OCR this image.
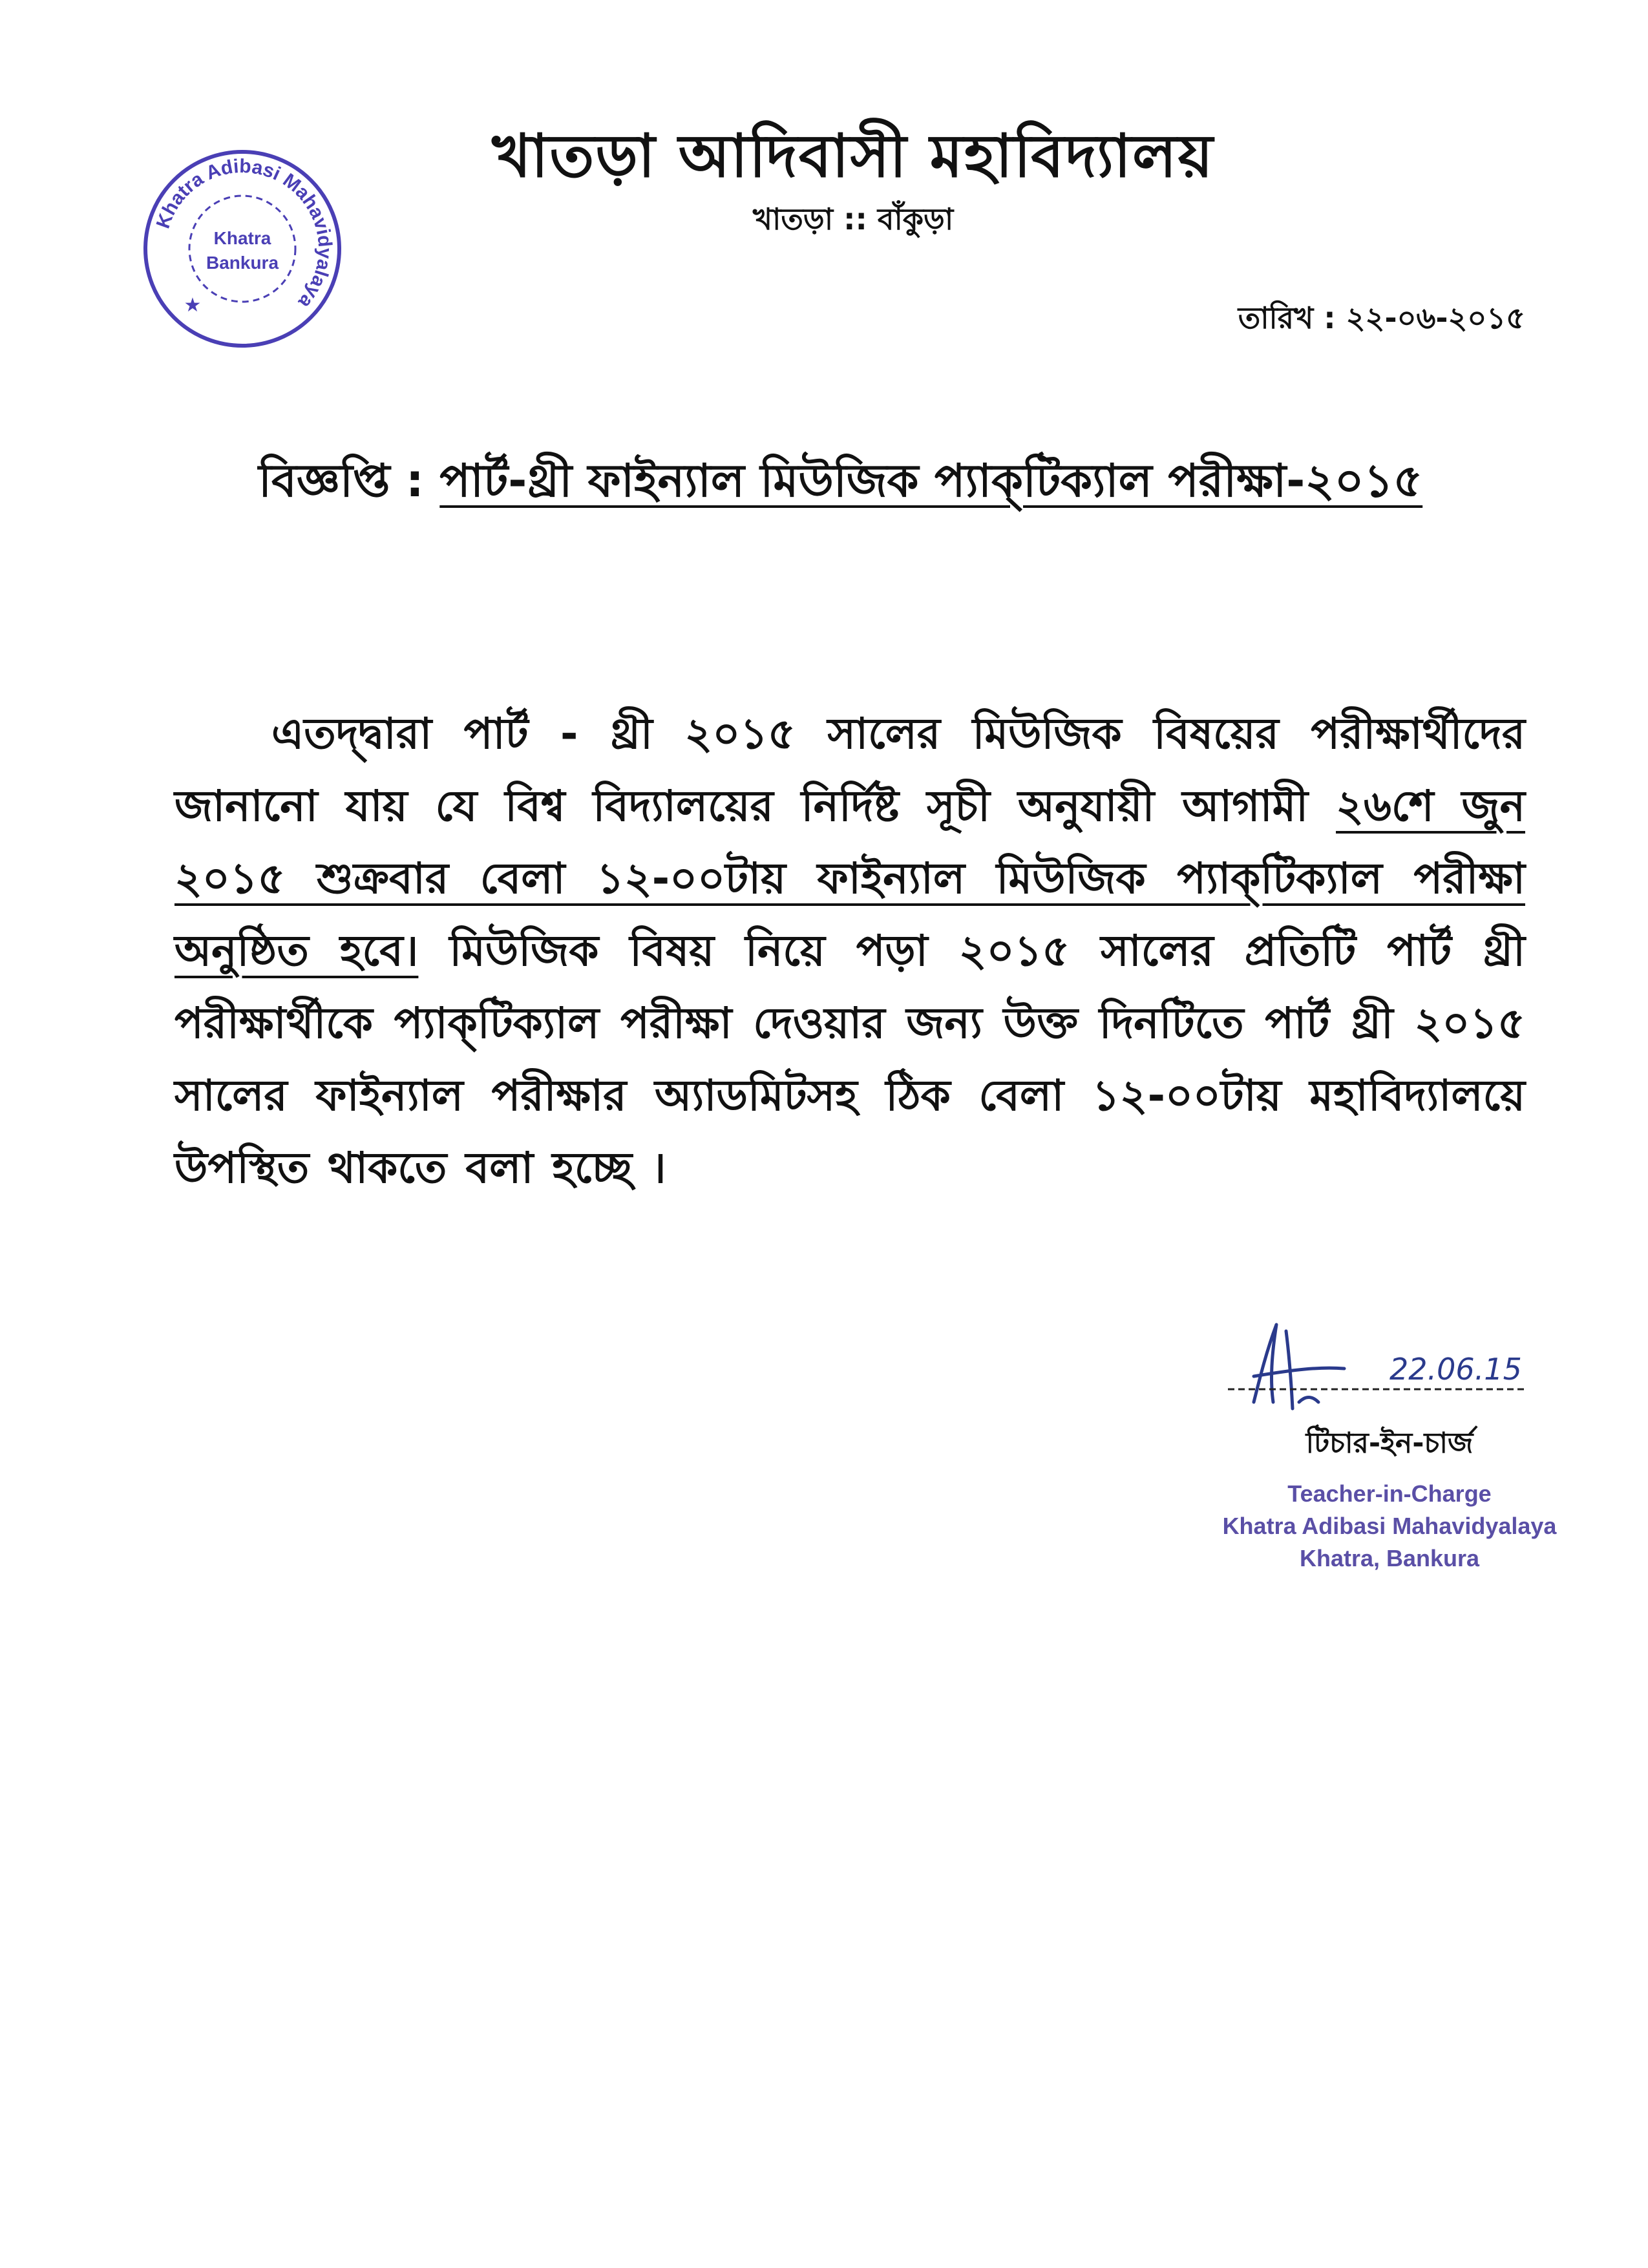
খাতড়া আদিবাসী মহাবিদ্যালয়
খাতড়া :: বাঁকুড়া
Khatra Adibasi Mahavidyalaya
Khatra
Bankura
★	তারিখ : ২২-০৬-২০১৫
বিজ্ঞপ্তি : পার্ট-থ্রী ফাইন্যাল মিউজিক প্যাক্‌টিক্যাল পরীক্ষা-২০১৫
এতদ্দ্বারা পার্ট - থ্রী ২০১৫ সালের মিউজিক বিষয়ের পরীক্ষার্থীদের জানানো যায় যে বিশ্ব বিদ্যালয়ের নির্দিষ্ট সূচী অনুযায়ী আগামী ২৬শে জুন ২০১৫ শুক্রবার বেলা ১২-০০টায় ফাইন্যাল মিউজিক প্যাক্‌টিক্যাল পরীক্ষা অনুষ্ঠিত হবে। মিউজিক বিষয় নিয়ে পড়া ২০১৫ সালের প্রতিটি পার্ট থ্রী পরীক্ষার্থীকে প্যাক্‌টিক্যাল পরীক্ষা দেওয়ার জন্য উক্ত দিনটিতে পার্ট থ্রী ২০১৫ সালের ফাইন্যাল পরীক্ষার অ্যাডমিটসহ ঠিক বেলা ১২-০০টায় মহাবিদ্যালয়ে উপস্থিত থাকতে বলা হচ্ছে ।
22.06.15
টিচার-ইন-চার্জ
Teacher-in-Charge
Khatra Adibasi Mahavidyalaya
Khatra, Bankura
